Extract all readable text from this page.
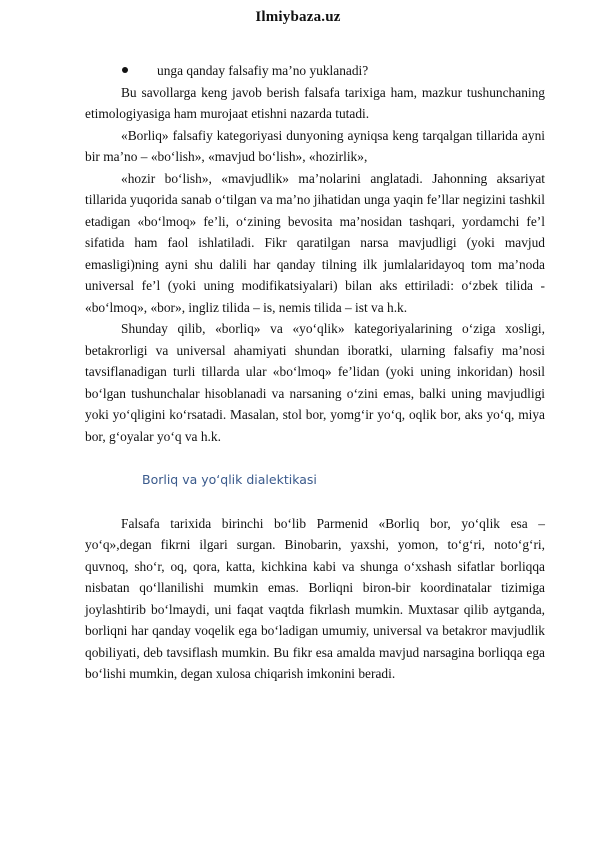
Ilmiybaza.uz
unga qanday falsafiy ma’no yuklanadi?

Bu savollarga keng javob berish falsafa tarixiga ham, mazkur tushunchaning etimologiyasiga ham murojaat etishni nazarda tutadi.

«Borliq» falsafiy kategoriyasi dunyoning ayniqsa keng tarqalgan tillarida ayni bir ma’no – «bo‘lish», «mavjud bo‘lish», «hozirlik»,

«hozir bo‘lish», «mavjudlik» ma’nolarini anglatadi. Jahonning aksariyat tillarida yuqorida sanab o‘tilgan va ma’no jihatidan unga yaqin fe’llar negizini tashkil etadigan «bo‘lmoq» fe’li, o‘zining bevosita ma’nosidan tashqari, yordamchi fe’l sifatida ham faol ishlatiladi. Fikr qaratilgan narsa mavjudligi (yoki mavjud emasligi)ning ayni shu dalili har qanday tilning ilk jumlalaridayoq tom ma’noda universal fe’l (yoki uning modifikatsiyalari) bilan aks ettiriladi: o‘zbek tilida - «bo‘lmoq», «bor», ingliz tilida – is, nemis tilida – ist va h.k.

Shunday qilib, «borliq» va «yo‘qlik» kategoriyalarining o‘ziga xosligi, betakrorligi va universal ahamiyati shundan iboratki, ularning falsafiy ma’nosi tavsiflanadigan turli tillarda ular «bo‘lmoq» fe’lidan (yoki uning inkoridan) hosil bo‘lgan tushunchalar hisoblanadi va narsaning o‘zini emas, balki uning mavjudligi yoki yo‘qligini ko‘rsatadi. Masalan, stol bor, yomg‘ir yo‘q, oqlik bor, aks yo‘q, miya bor, g‘oyalar yo‘q va h.k.

Borliq va yo‘qlik dialektikasi

Falsafa tarixida birinchi bo‘lib Parmenid «Borliq bor, yo‘qlik esa – yo‘q»,degan fikrni ilgari surgan. Binobarin, yaxshi, yomon, to‘g‘ri, noto‘g‘ri, quvnoq, sho‘r, oq, qora, katta, kichkina kabi va shunga o‘xshash sifatlar borliqqa nisbatan qo‘llanilishi mumkin emas. Borliqni biron-bir koordinatalar tizimiga joylashtirib bo‘lmaydi, uni faqat vaqtda fikrlash mumkin. Muxtasar qilib aytganda, borliqni har qanday voqelik ega bo‘ladigan umumiy, universal va betakror mavjudlik qobiliyati, deb tavsiflash mumkin. Bu fikr esa amalda mavjud narsagina borliqqa ega bo‘lishi mumkin, degan xulosa chiqarish imkonini beradi.
